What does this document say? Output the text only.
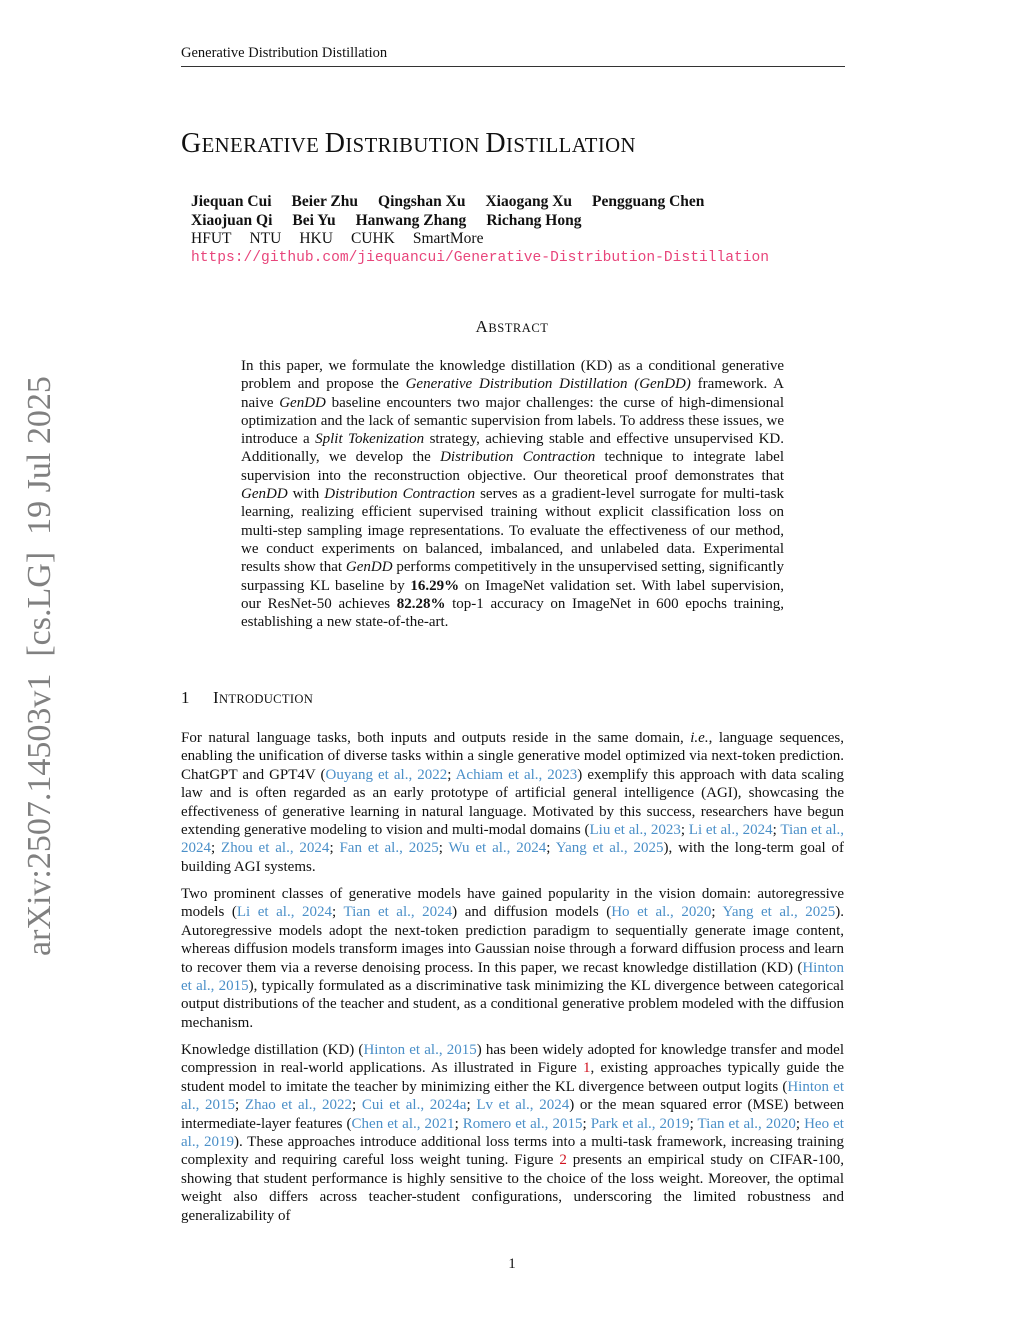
Generative Distribution Distillation
arXiv:2507.14503v1  [cs.LG]  19 Jul 2025
GENERATIVE DISTRIBUTION DISTILLATION
Jiequan Cui Beier Zhu Qingshan Xu Xiaogang Xu Pengguang Chen
Xiaojuan Qi Bei Yu Hanwang Zhang Richang Hong
HFUT NTU HKU CUHK SmartMore
https://github.com/jiequancui/Generative-Distribution-Distillation
ABSTRACT
In this paper, we formulate the knowledge distillation (KD) as a conditional generative problem and propose the Generative Distribution Distillation (GenDD) framework. A naive GenDD baseline encounters two major challenges: the curse of high-dimensional optimization and the lack of semantic supervision from labels. To address these issues, we introduce a Split Tokenization strategy, achieving stable and effective unsupervised KD. Additionally, we develop the Distribution Contraction technique to integrate label supervision into the reconstruction objective. Our theoretical proof demonstrates that GenDD with Distribution Contraction serves as a gradient-level surrogate for multi-task learning, realizing efficient supervised training without explicit classification loss on multi-step sampling image representations. To evaluate the effectiveness of our method, we conduct experiments on balanced, imbalanced, and unlabeled data. Experimental results show that GenDD performs competitively in the unsupervised setting, significantly surpassing KL baseline by 16.29% on ImageNet validation set. With label supervision, our ResNet-50 achieves 82.28% top-1 accuracy on ImageNet in 600 epochs training, establishing a new state-of-the-art.
1 INTRODUCTION
For natural language tasks, both inputs and outputs reside in the same domain, i.e., language sequences, enabling the unification of diverse tasks within a single generative model optimized via next-token prediction. ChatGPT and GPT4V (Ouyang et al., 2022; Achiam et al., 2023) exemplify this approach with data scaling law and is often regarded as an early prototype of artificial general intelligence (AGI), showcasing the effectiveness of generative learning in natural language. Motivated by this success, researchers have begun extending generative modeling to vision and multi-modal domains (Liu et al., 2023; Li et al., 2024; Tian et al., 2024; Zhou et al., 2024; Fan et al., 2025; Wu et al., 2024; Yang et al., 2025), with the long-term goal of building AGI systems.
Two prominent classes of generative models have gained popularity in the vision domain: autoregressive models (Li et al., 2024; Tian et al., 2024) and diffusion models (Ho et al., 2020; Yang et al., 2025). Autoregressive models adopt the next-token prediction paradigm to sequentially generate image content, whereas diffusion models transform images into Gaussian noise through a forward diffusion process and learn to recover them via a reverse denoising process. In this paper, we recast knowledge distillation (KD) (Hinton et al., 2015), typically formulated as a discriminative task minimizing the KL divergence between categorical output distributions of the teacher and student, as a conditional generative problem modeled with the diffusion mechanism.
Knowledge distillation (KD) (Hinton et al., 2015) has been widely adopted for knowledge transfer and model compression in real-world applications. As illustrated in Figure 1, existing approaches typically guide the student model to imitate the teacher by minimizing either the KL divergence between output logits (Hinton et al., 2015; Zhao et al., 2022; Cui et al., 2024a; Lv et al., 2024) or the mean squared error (MSE) between intermediate-layer features (Chen et al., 2021; Romero et al., 2015; Park et al., 2019; Tian et al., 2020; Heo et al., 2019). These approaches introduce additional loss terms into a multi-task framework, increasing training complexity and requiring careful loss weight tuning. Figure 2 presents an empirical study on CIFAR-100, showing that student performance is highly sensitive to the choice of the loss weight. Moreover, the optimal weight also differs across teacher-student configurations, underscoring the limited robustness and generalizability of
1
